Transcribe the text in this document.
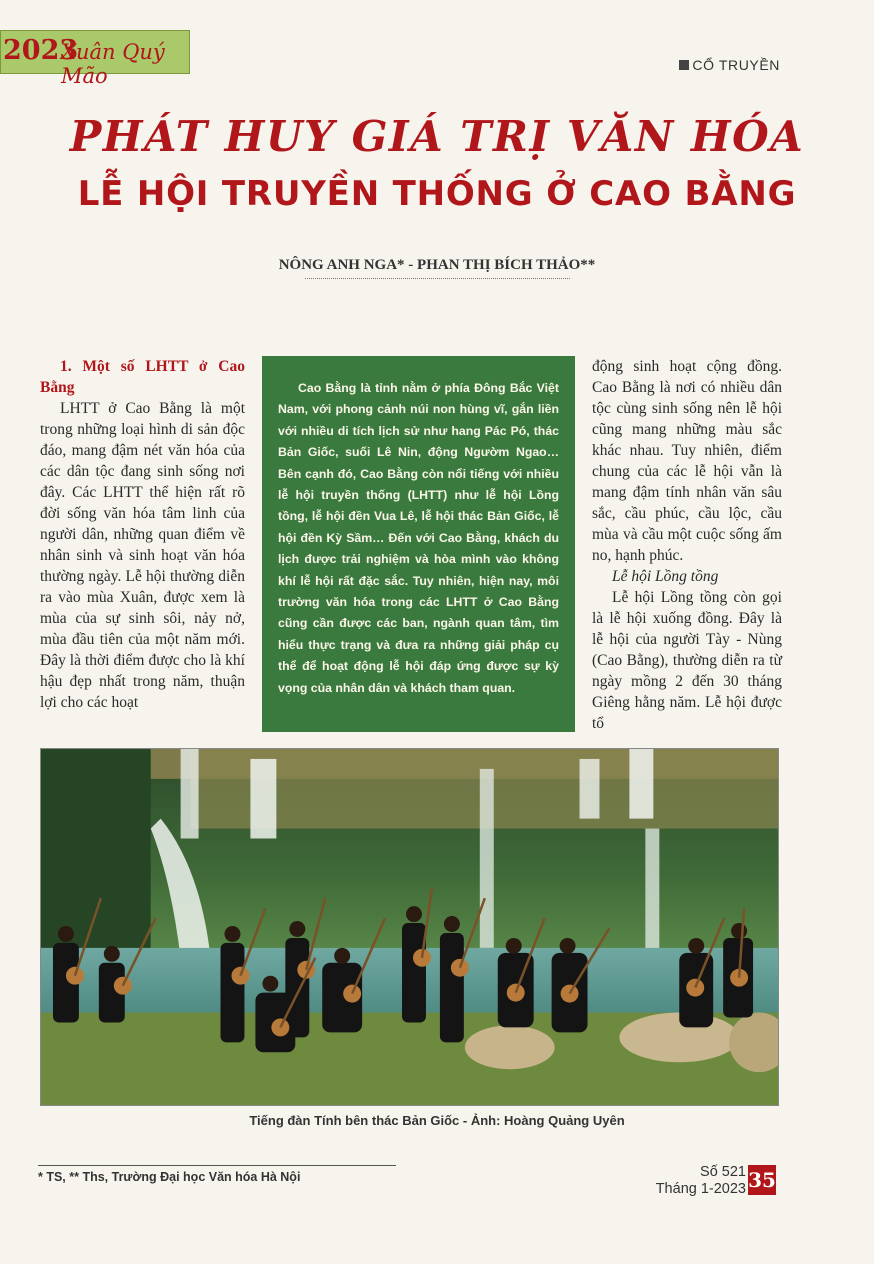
2023
Xuân Quý Mão	CỔ TRUYỀN
PHÁT HUY GIÁ TRỊ VĂN HÓA
LỄ HỘI TRUYỀN THỐNG Ở CAO BẰNG
NÔNG ANH NGA* - PHAN THỊ BÍCH THẢO**

1. Một số LHTT ở Cao Bằng

LHTT ở Cao Bằng là một trong những loại hình di sản độc đáo, mang đậm nét văn hóa của các dân tộc đang sinh sống nơi đây. Các LHTT thể hiện rất rõ đời sống văn hóa tâm linh của người dân, những quan điểm về nhân sinh và sinh hoạt văn hóa thường ngày. Lễ hội thường diễn ra vào mùa Xuân, được xem là mùa của sự sinh sôi, nảy nở, mùa đầu tiên của một năm mới. Đây là thời điểm được cho là khí hậu đẹp nhất trong năm, thuận lợi cho các hoạt

Cao Bằng là tỉnh nằm ở phía Đông Bắc Việt Nam, với phong cảnh núi non hùng vĩ, gắn liền với nhiều di tích lịch sử như hang Pác Pó, thác Bản Giốc, suối Lê Nin, động Ngườm Ngao… Bên cạnh đó, Cao Bằng còn nổi tiếng với nhiều lễ hội truyền thống (LHTT) như lễ hội Lồng tồng, lễ hội đền Vua Lê, lễ hội thác Bản Giốc, lễ hội đền Kỳ Sầm… Đến với Cao Bằng, khách du lịch được trải nghiệm và hòa mình vào không khí lễ hội rất đặc sắc. Tuy nhiên, hiện nay, môi trường văn hóa trong các LHTT ở Cao Bằng cũng cần được các ban, ngành quan tâm, tìm hiểu thực trạng và đưa ra những giải pháp cụ thể để hoạt động lễ hội đáp ứng được sự kỳ vọng của nhân dân và khách tham quan.

động sinh hoạt cộng đồng. Cao Bằng là nơi có nhiều dân tộc cùng sinh sống nên lễ hội cũng mang những màu sắc khác nhau. Tuy nhiên, điểm chung của các lễ hội vẫn là mang đậm tính nhân văn sâu sắc, cầu phúc, cầu lộc, cầu mùa và cầu một cuộc sống ấm no, hạnh phúc.

Lễ hội Lồng tồng

Lễ hội Lồng tồng còn gọi là lễ hội xuống đồng. Đây là lễ hội của người Tày - Nùng (Cao Bằng), thường diễn ra từ ngày mồng 2 đến 30 tháng Giêng hằng năm. Lễ hội được tổ

Tiếng đàn Tính bên thác Bản Giốc - Ảnh: Hoàng Quảng Uyên
* TS, ** Ths, Trường Đại học Văn hóa Hà Nội	Số 521
Tháng 1-2023 35
